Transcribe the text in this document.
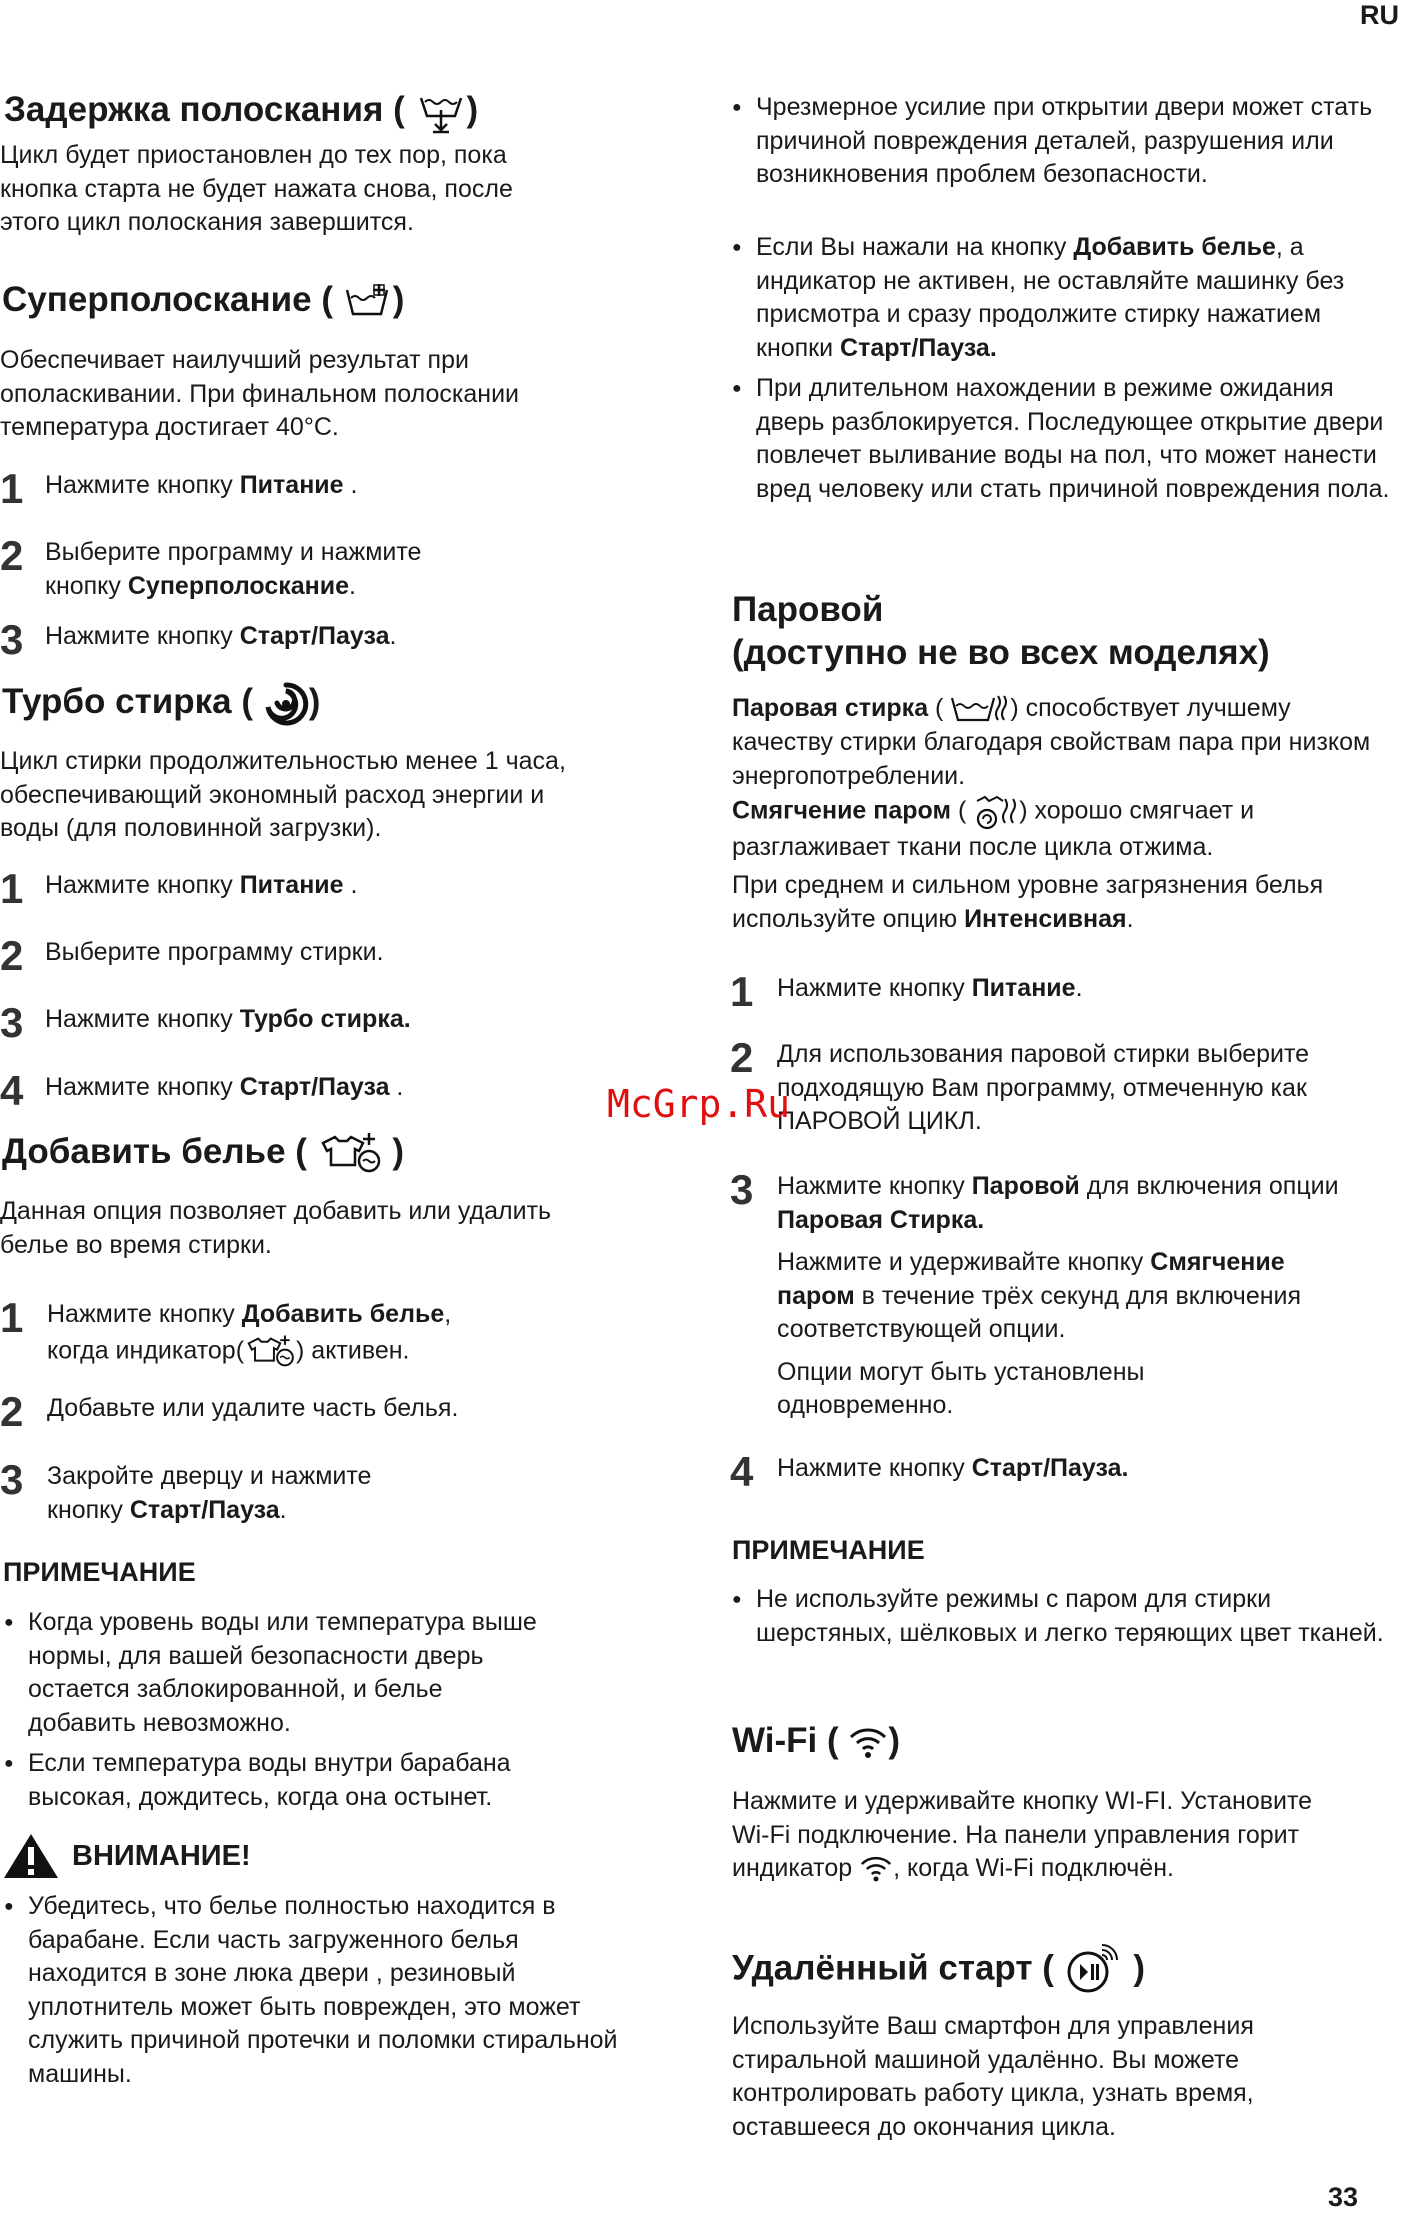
RU
33
Задержка полоскания ( )

Цикл будет приостановлен до тех пор, пока кнопка старта не будет нажата снова, после этого цикл полоскания завершится.

Суперполоскание ( )

Обеспечивает наилучший результат при ополаскивании. При финальном полоскании температура достигает 40°C.

1 Нажмите кнопку Питание .
2 Выберите программу и нажмите кнопку Суперполоскание.
3 Нажмите кнопку Старт/Пауза.
Турбо стирка ( )

Цикл стирки продолжительностью менее 1 часа, обеспечивающий экономный расход энергии и воды (для половинной загрузки).

1 Нажмите кнопку Питание .
2 Выберите программу стирки.
3 Нажмите кнопку Турбо стирка.
4 Нажмите кнопку Старт/Пауза .
Добавить белье (  )

Данная опция позволяет добавить или удалить белье во время стирки.

1 Нажмите кнопку Добавить белье,
когда индикатор( ) активен.
2 Добавьте или удалите часть белья.
3 Закройте дверцу и нажмите кнопку Старт/Пауза.
ПРИМЕЧАНИЕ
● Когда уровень воды или температура выше нормы, для вашей безопасности дверь остается заблокированной, и белье добавить невозможно.
● Если температура воды внутри барабана высокая, дождитесь, когда она остынет.
ВНИМАНИЕ!
● Убедитесь, что белье полностью находится в барабане. Если часть загруженного белья находится в зоне люка двери , резиновый уплотнитель может быть поврежден, это может служить причиной протечки и поломки стиральной машины.
● Чрезмерное усилие при открытии двери может стать причиной повреждения деталей, разрушения или возникновения проблем безопасности.
● Если Вы нажали на кнопку Добавить белье, а индикатор не активен, не оставляйте машинку без присмотра и сразу продолжите стирку нажатием кнопки Старт/Пауза.
● При длительном нахождении в режиме ожидания дверь разблокируется. Последующее открытие двери повлечет выливание воды на пол, что может нанести вред человеку или стать причиной повреждения пола.
Паровой
(доступно не во всех моделях)

Паровая стирка ( ) способствует лучшему качеству стирки благодаря свойствам пара при низком энергопотреблении.

Смягчение паром ( ) хорошо смягчает и разглаживает ткани после цикла отжима.

При среднем и сильном уровне загрязнения белья используйте опцию Интенсивная.

1 Нажмите кнопку Питание.
2 Для использования паровой стирки выберите подходящую Вам программу, отмеченную как ПАРОВОЙ ЦИКЛ.
3 Нажмите кнопку Паровой для включения опции Паровая Стирка.
Нажмите и удерживайте кнопку Смягчение паром в течение трёх секунд для включения соответствующей опции.
Опции могут быть установлены одновременно.
4 Нажмите кнопку Старт/Пауза.
ПРИМЕЧАНИЕ
● Не используйте режимы с паром для стирки шерстяных, шёлковых и легко теряющих цвет тканей.
Wi-Fi ( )

Нажмите и удерживайте кнопку WI-FI. Установите Wi-Fi подключение. На панели управления горит индикатор , когда Wi-Fi подключён.

Удалённый старт (  )

Используйте Ваш смартфон для управления стиральной машиной удалённо. Вы можете контролировать работу цикла, узнать время, оставшееся до окончания цикла.

McGrp.Ru
